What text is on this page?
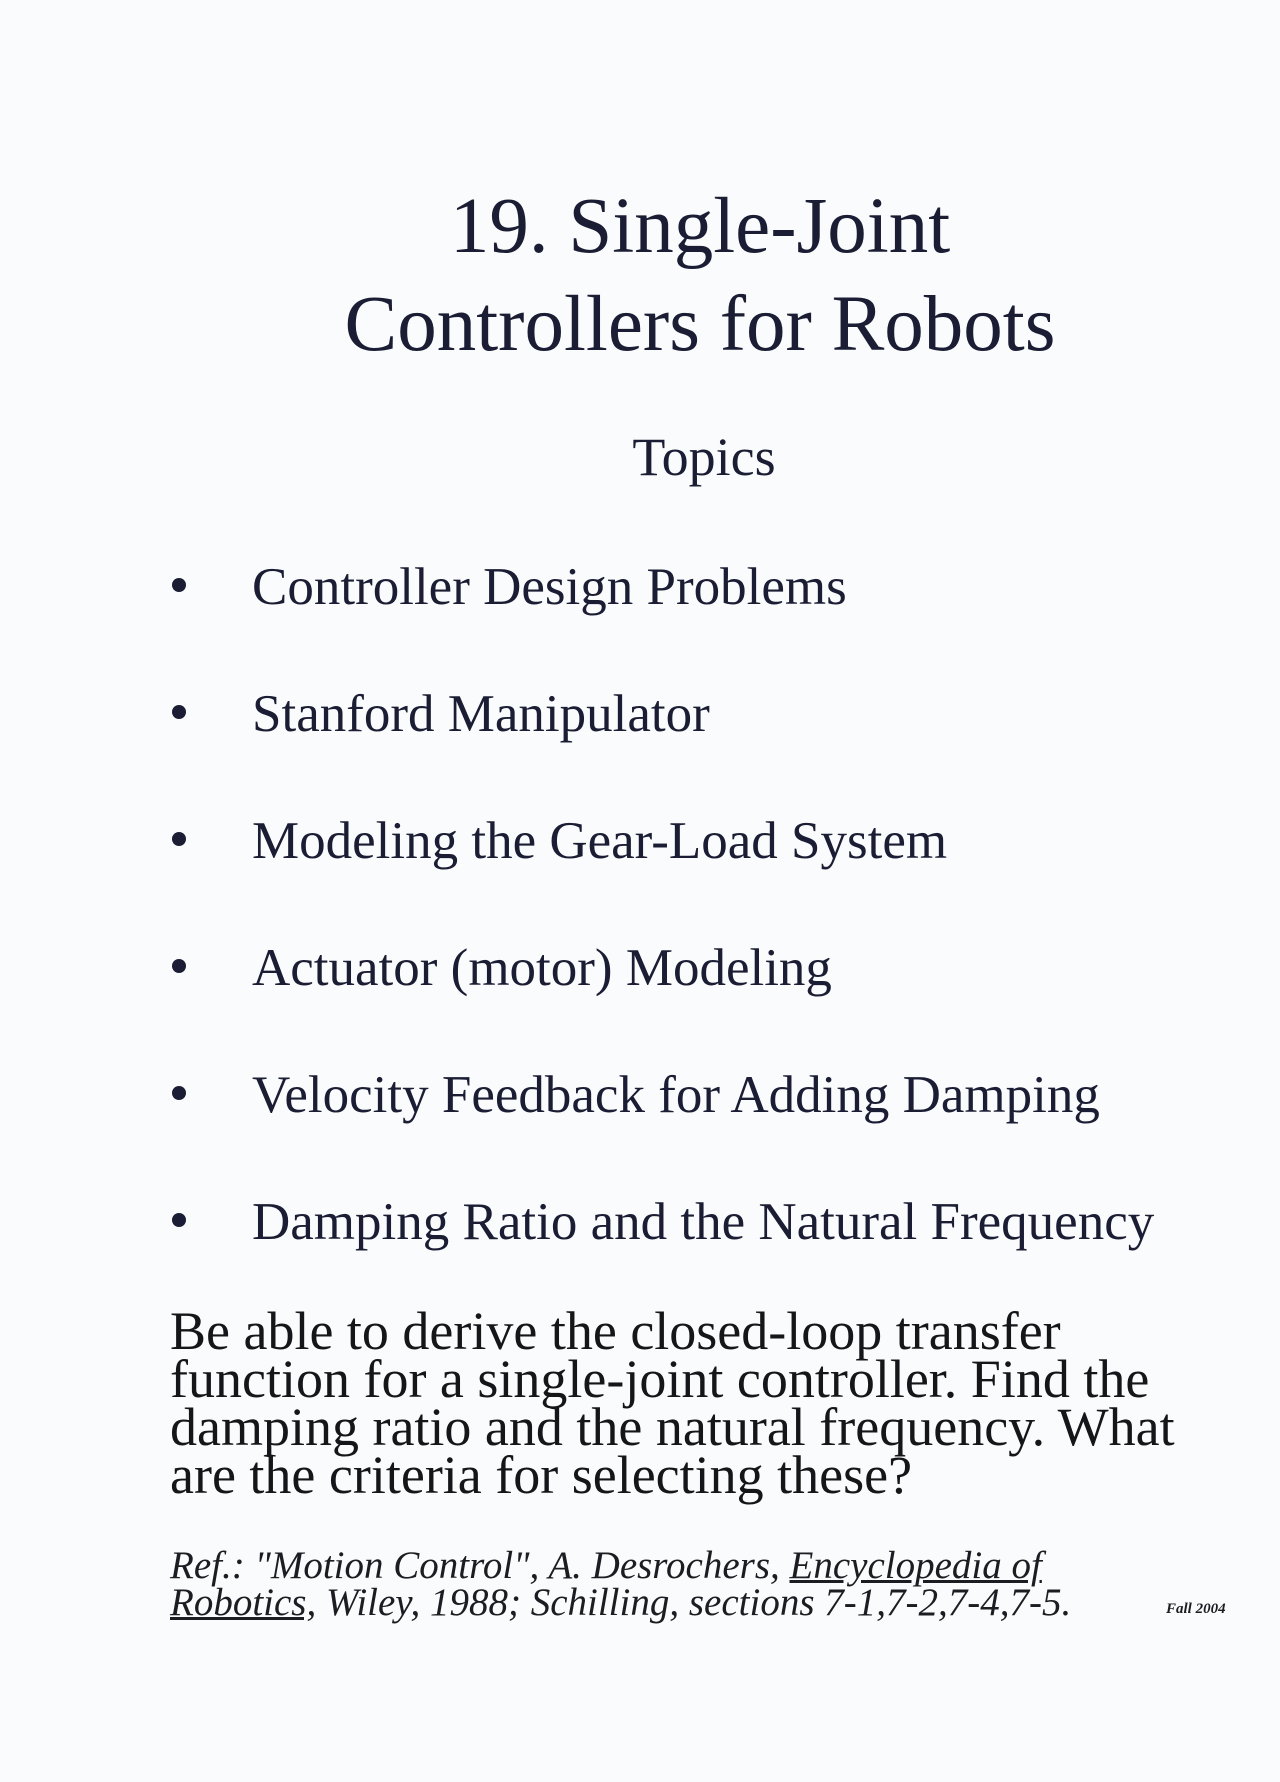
19. Single-Joint
Controllers for Robots
Topics
Controller Design Problems
Stanford Manipulator
Modeling the Gear-Load System
Actuator (motor) Modeling
Velocity Feedback for Adding Damping
Damping Ratio and the Natural Frequency

Be able to derive the closed-loop transfer
function for a single-joint controller. Find the
damping ratio and the natural frequency. What
are the criteria for selecting these?

Ref.: "Motion Control", A. Desrochers, Encyclopedia of
Robotics, Wiley, 1988; Schilling, sections 7-1,7-2,7-4,7-5.	Fall 2004
